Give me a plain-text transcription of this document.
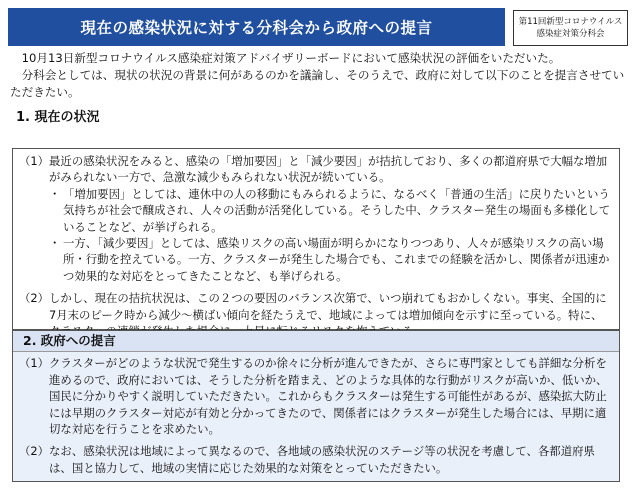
現在の感染状況に対する分科会から政府への提言	第11回新型コロナウイルス
感染症対策分科会

10月13日新型コロナウイルス感染症対策アドバイザリーボードにおいて感染状況の評価をいただいた。

分科会としては、現状の状況の背景に何があるのかを議論し、そのうえで、政府に対して以下のことを提言させていただきたい。

1. 現在の状況
（1） 最近の感染状況をみると、感染の「増加要因」と「減少要因」が拮抗しており、多くの都道府県で大幅な増加がみられない一方で、急激な減少もみられない状況が続いている。
・ 「増加要因」としては、連休中の人の移動にもみられるように、なるべく「普通の生活」に戻りたいという気持ちが社会で醸成され、人々の活動が活発化している。そうした中、クラスター発生の場面も多様化していることなど、が挙げられる。
・ 一方、「減少要因」としては、感染リスクの高い場面が明らかになりつつあり、人々が感染リスクの高い場所・行動を控えている。一方、クラスターが発生した場合でも、これまでの経験を活かし、関係者が迅速かつ効果的な対応をとってきたことなど、も挙げられる。
（2） しかし、現在の拮抗状況は、この２つの要因のバランス次第で、いつ崩れてもおかしくない。事実、全国的に7月末のピーク時から減少～横ばい傾向を経たうえで、地域によっては増加傾向を示すに至っている。特に、
2. 政府への提言
（1） クラスターがどのような状況で発生するのか徐々に分析が進んできたが、さらに専門家としても詳細な分析を進めるので、政府においては、そうした分析を踏まえ、どのような具体的な行動がリスクが高いか、低いか、国民に分かりやすく説明していただきたい。これからもクラスターは発生する可能性があるが、感染拡大防止には早期のクラスター対応が有効と分かってきたので、関係者にはクラスターが発生した場合には、早期に適切な対応を行うことを求めたい。
（2） なお、感染状況は地域によって異なるので、各地域の感染状況のステージ等の状況を考慮して、各都道府県は、国と協力して、地域の実情に応じた効果的な対策をとっていただきたい。
